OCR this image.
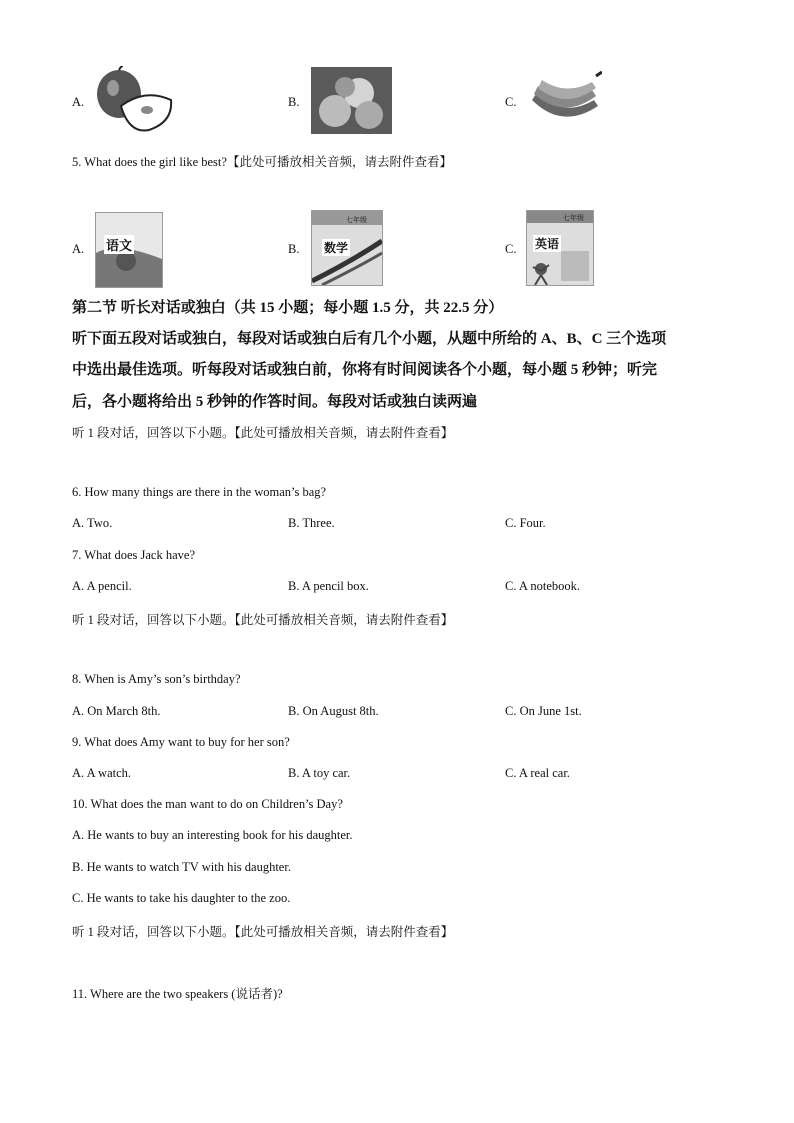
A.	B.	C.
5. What does the girl like best?【此处可播放相关音频，请去附件查看】
A. 语文	B.
七年级
数学	C.
七年级
英语
第二节 听长对话或独白（共 15 小题；每小题 1.5 分，共 22.5 分）
听下面五段对话或独白，每段对话或独白后有几个小题，从题中所给的 A、B、C 三个选项
中选出最佳选项。听每段对话或独白前，你将有时间阅读各个小题，每小题 5 秒钟；听完
后，各小题将给出 5 秒钟的作答时间。每段对话或独白读两遍
听 1 段对话，回答以下小题。【此处可播放相关音频，请去附件查看】
6. How many things are there in the woman’s bag?
A. Two.	B. Three.	C. Four.
7. What does Jack have?
A. A pencil.	B. A pencil box.	C. A notebook.
听 1 段对话，回答以下小题。【此处可播放相关音频，请去附件查看】
8. When is Amy’s son’s birthday?
A. On March 8th.	B. On August 8th.	C. On June 1st.
9. What does Amy want to buy for her son?
A. A watch.	B. A toy car.	C. A real car.
10. What does the man want to do on Children’s Day?
A. He wants to buy an interesting book for his daughter.
B. He wants to watch TV with his daughter.
C. He wants to take his daughter to the zoo.
听 1 段对话，回答以下小题。【此处可播放相关音频，请去附件查看】
11. Where are the two speakers (说话者)?
